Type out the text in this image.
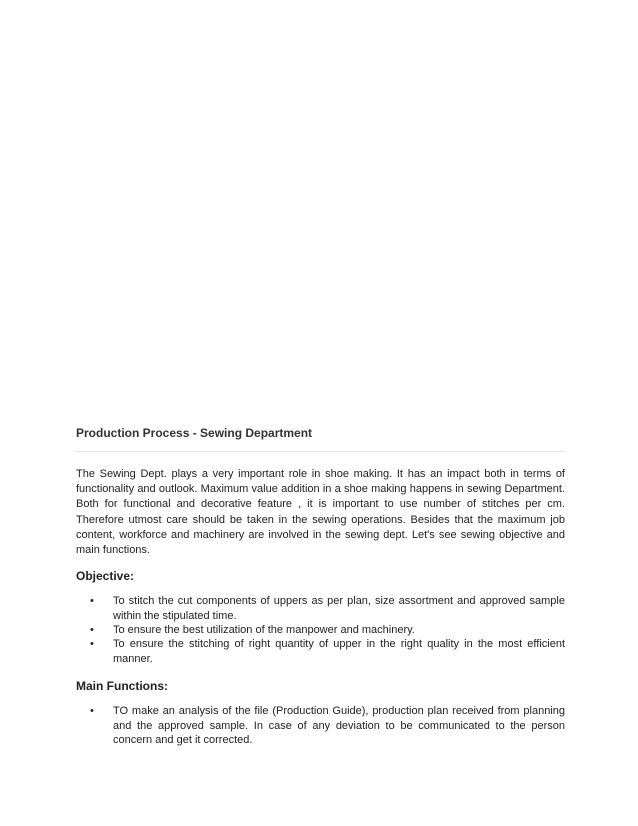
Production Process - Sewing Department

The Sewing Dept. plays a very important role in shoe making. It has an impact both in terms of functionality and outlook. Maximum value addition in a shoe making happens in sewing Department. Both for functional and decorative feature , it is important to use number of stitches per cm. Therefore utmost care should be taken in the sewing operations. Besides that the maximum job content, workforce and machinery are involved in the sewing dept. Let's see sewing objective and main functions.

Objective:
• To stitch the cut components of uppers as per plan, size assortment and approved sample within the stipulated time.
• To ensure the best utilization of the manpower and machinery.
• To ensure the stitching of right quantity of upper in the right quality in the most efficient manner.
Main Functions:
• TO make an analysis of the file (Production Guide), production plan received from planning and the approved sample. In case of any deviation to be communicated to the person concern and get it corrected.
